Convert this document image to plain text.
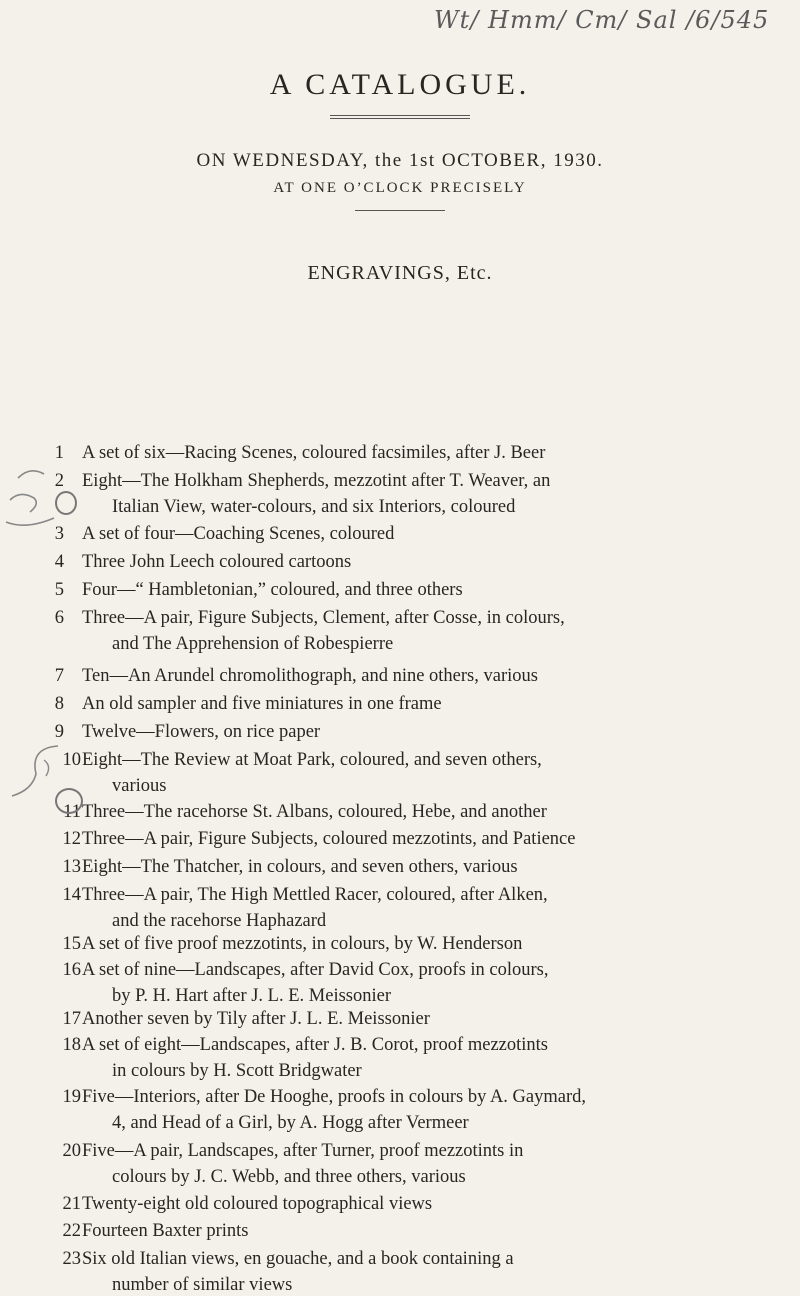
Wt/ Hmm/ Cm/ Sal /6/545
A CATALOGUE.
ON WEDNESDAY, the 1st OCTOBER, 1930.
AT ONE O’CLOCK PRECISELY
ENGRAVINGS, Etc.
1 A set of six—Racing Scenes, coloured facsimiles, after J. Beer
2 Eight—The Holkham Shepherds, mezzotint after T. Weaver, an
Italian View, water-colours, and six Interiors, coloured
3 A set of four—Coaching Scenes, coloured
4 Three John Leech coloured cartoons
5 Four—“ Hambletonian,” coloured, and three others
6 Three—A pair, Figure Subjects, Clement, after Cosse, in colours,
and The Apprehension of Robespierre
7 Ten—An Arundel chromolithograph, and nine others, various
8 An old sampler and five miniatures in one frame
9 Twelve—Flowers, on rice paper
10 Eight—The Review at Moat Park, coloured, and seven others,
various
11 Three—The racehorse St. Albans, coloured, Hebe, and another
12 Three—A pair, Figure Subjects, coloured mezzotints, and Patience
13 Eight—The Thatcher, in colours, and seven others, various
14 Three—A pair, The High Mettled Racer, coloured, after Alken,
and the racehorse Haphazard
15 A set of five proof mezzotints, in colours, by W. Henderson
16 A set of nine—Landscapes, after David Cox, proofs in colours,
by P. H. Hart after J. L. E. Meissonier
17 Another seven by Tily after J. L. E. Meissonier
18 A set of eight—Landscapes, after J. B. Corot, proof mezzotints
in colours by H. Scott Bridgwater
19 Five—Interiors, after De Hooghe, proofs in colours by A. Gaymard,
4, and Head of a Girl, by A. Hogg after Vermeer
20 Five—A pair, Landscapes, after Turner, proof mezzotints in
colours by J. C. Webb, and three others, various
21 Twenty-eight old coloured topographical views
22 Fourteen Baxter prints
23 Six old Italian views, en gouache, and a book containing a
number of similar views
